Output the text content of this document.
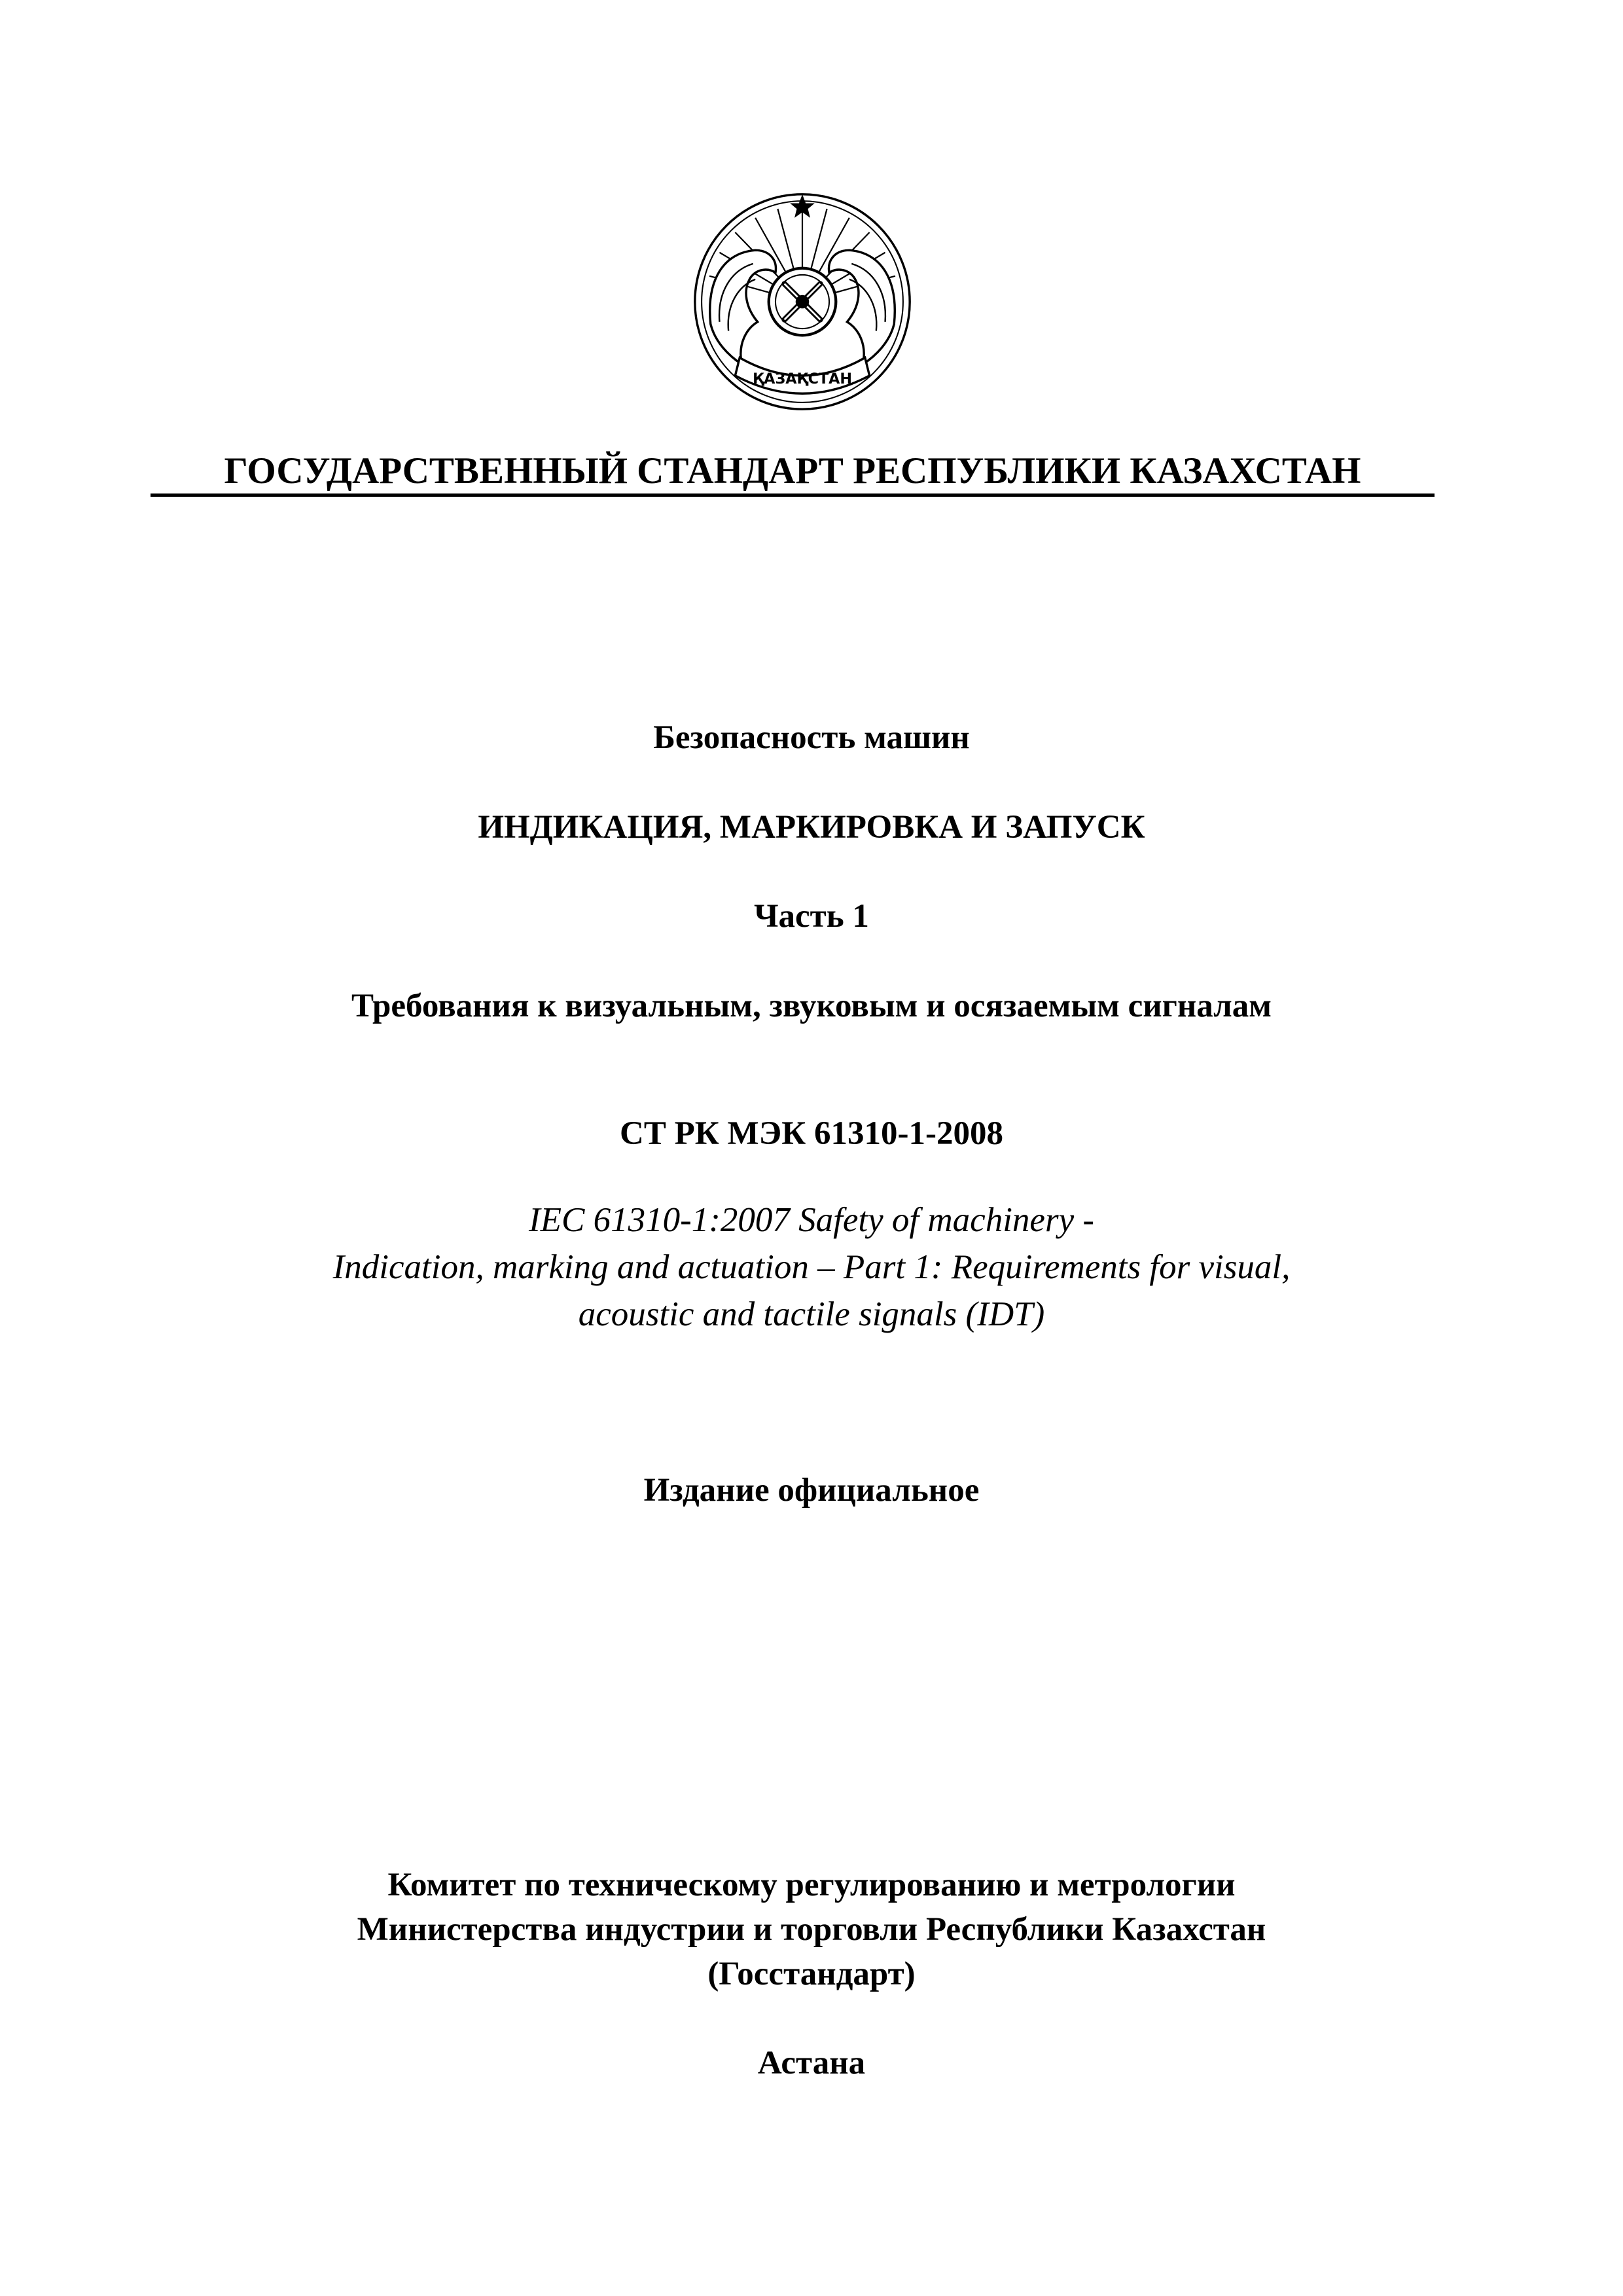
ҚАЗАҚСТАН
ГОСУДАРСТВЕННЫЙ СТАНДАРТ РЕСПУБЛИКИ КАЗАХСТАН
Безопасность машин
ИНДИКАЦИЯ, МАРКИРОВКА И ЗАПУСК
Часть 1
Требования к визуальным, звуковым и осязаемым сигналам
СТ РК МЭК 61310-1-2008
IEC 61310-1:2007 Safety of machinery -
Indication, marking and actuation – Part 1: Requirements for visual,
acoustic and tactile signals (IDT)
Издание официальное
Комитет по техническому регулированию и метрологии
Министерства индустрии и торговли Республики Казахстан
(Госстандарт)
Астана
